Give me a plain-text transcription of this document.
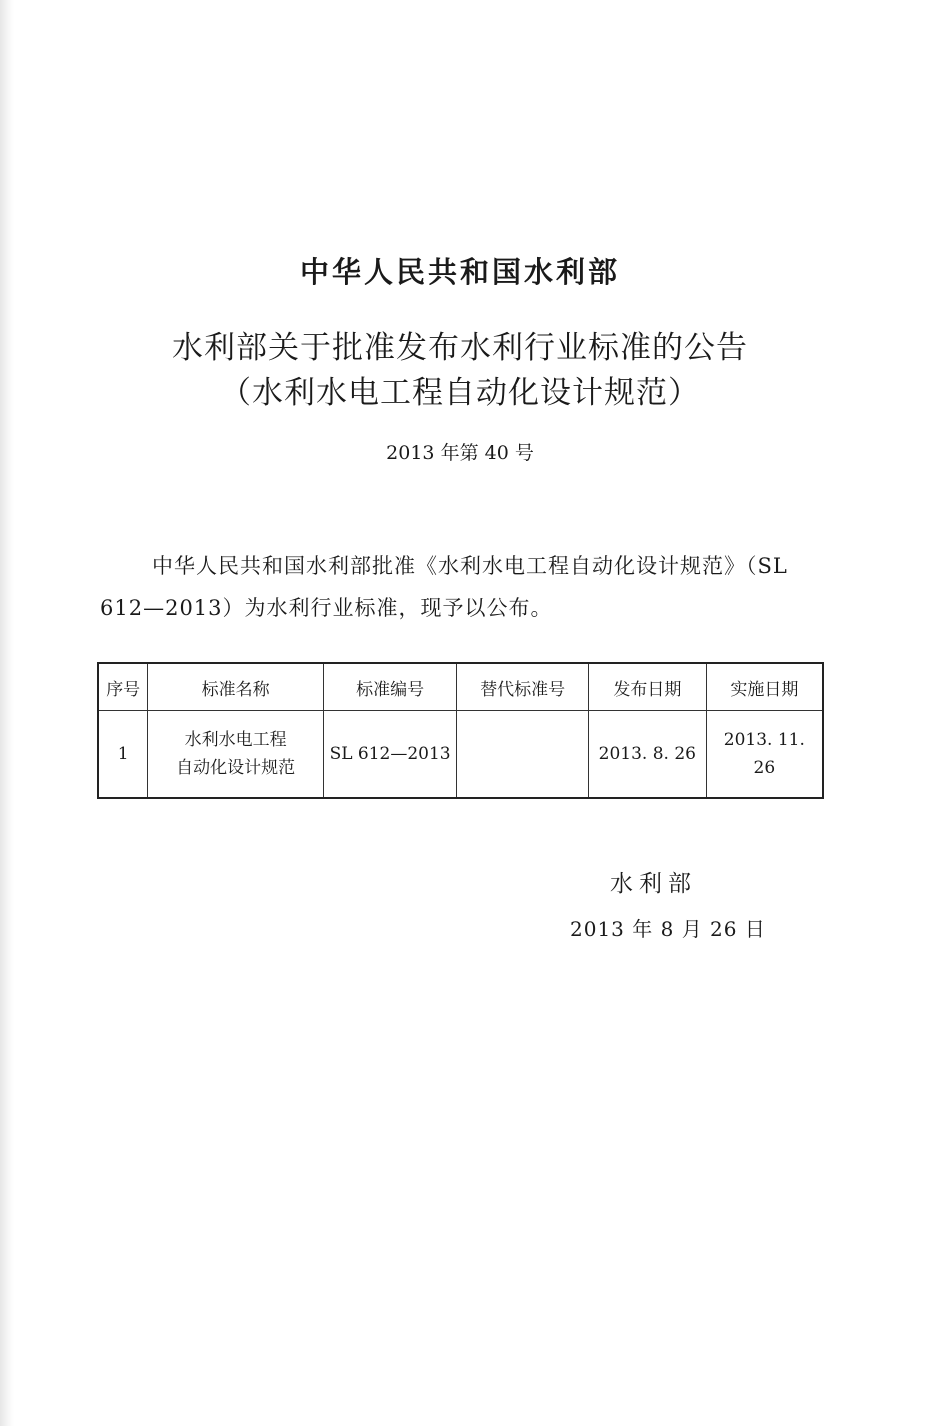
中华人民共和国水利部
水利部关于批准发布水利行业标准的公告
（水利水电工程自动化设计规范）
2013 年第 40 号
中华人民共和国水利部批准《水利水电工程自动化设计规范》（SL 612—2013）为水利行业标准，现予以公布。
序号	标准名称	标准编号	替代标准号	发布日期	实施日期
1	水利水电工程
自动化设计规范	SL 612—2013		2013. 8. 26	2013. 11. 26
水利部
2013 年 8 月 26 日
